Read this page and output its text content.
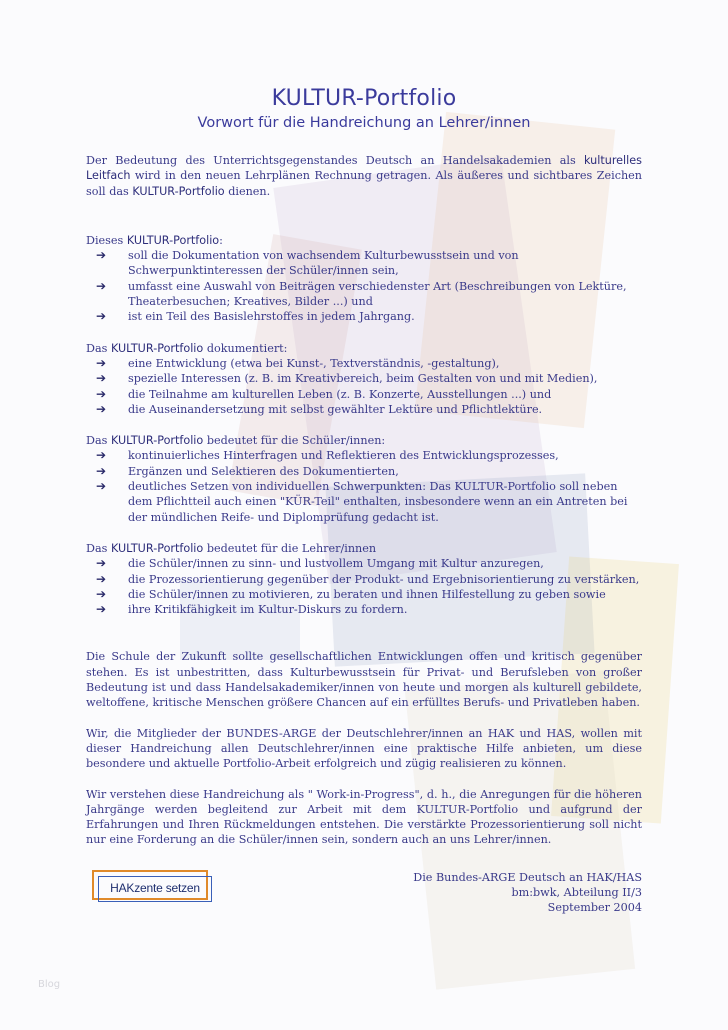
KULTUR-Portfolio
Vorwort für die Handreichung an Lehrer/innen

Der Bedeutung des Unterrichtsgegenstandes Deutsch an Handelsakademien als kulturelles Leitfach wird in den neuen Lehrplänen Rechnung getragen. Als äußeres und sichtbares Zeichen soll das KULTUR-Portfolio dienen.

Dieses KULTUR-Portfolio:
➔ soll die Dokumentation von wachsendem Kulturbewusstsein und von Schwerpunktinteressen der Schüler/innen sein,
➔ umfasst eine Auswahl von Beiträgen verschiedenster Art (Beschreibungen von Lektüre, Theaterbesuchen; Kreatives, Bilder ...) und
➔ ist ein Teil des Basislehrstoffes in jedem Jahrgang.
Das KULTUR-Portfolio dokumentiert:
➔ eine Entwicklung (etwa bei Kunst-, Textverständnis, -gestaltung),
➔ spezielle Interessen (z. B. im Kreativbereich, beim Gestalten von und mit Medien),
➔ die Teilnahme am kulturellen Leben (z. B. Konzerte, Ausstellungen ...) und
➔ die Auseinandersetzung mit selbst gewählter Lektüre und Pflichtlektüre.
Das KULTUR-Portfolio bedeutet für die Schüler/innen:
➔ kontinuierliches Hinterfragen und Reflektieren des Entwicklungsprozesses,
➔ Ergänzen und Selektieren des Dokumentierten,
➔ deutliches Setzen von individuellen Schwerpunkten: Das KULTUR-Portfolio soll neben dem Pflichtteil auch einen "KÜR-Teil" enthalten, insbesondere wenn an ein Antreten bei der mündlichen Reife- und Diplomprüfung gedacht ist.
Das KULTUR-Portfolio bedeutet für die Lehrer/innen
➔ die Schüler/innen zu sinn- und lustvollem Umgang mit Kultur anzuregen,
➔ die Prozessorientierung gegenüber der Produkt- und Ergebnisorientierung zu verstärken,
➔ die Schüler/innen zu motivieren, zu beraten und ihnen Hilfestellung zu geben sowie
➔ ihre Kritikfähigkeit im Kultur-Diskurs zu fordern.

Die Schule der Zukunft sollte gesellschaftlichen Entwicklungen offen und kritisch gegenüber stehen. Es ist unbestritten, dass Kulturbewusstsein für Privat- und Berufsleben von großer Bedeutung ist und dass Handelsakademiker/innen von heute und morgen als kulturell gebildete, weltoffene, kritische Menschen größere Chancen auf ein erfülltes Berufs- und Privatleben haben.

Wir, die Mitglieder der BUNDES-ARGE der Deutschlehrer/innen an HAK und HAS, wollen mit dieser Handreichung allen Deutschlehrer/innen eine praktische Hilfe anbieten, um diese besondere und aktuelle Portfolio-Arbeit erfolgreich und zügig realisieren zu können.

Wir verstehen diese Handreichung als " Work-in-Progress", d. h., die Anregungen für die höheren Jahrgänge werden begleitend zur Arbeit mit dem KULTUR-Portfolio und aufgrund der Erfahrungen und Ihren Rückmeldungen entstehen. Die verstärkte Prozessorientierung soll nicht nur eine Forderung an die Schüler/innen sein, sondern auch an uns Lehrer/innen.

HAKzente setzen
Die Bundes-ARGE Deutsch an HAK/HAS
bm:bwk, Abteilung II/3
September 2004
Blog
